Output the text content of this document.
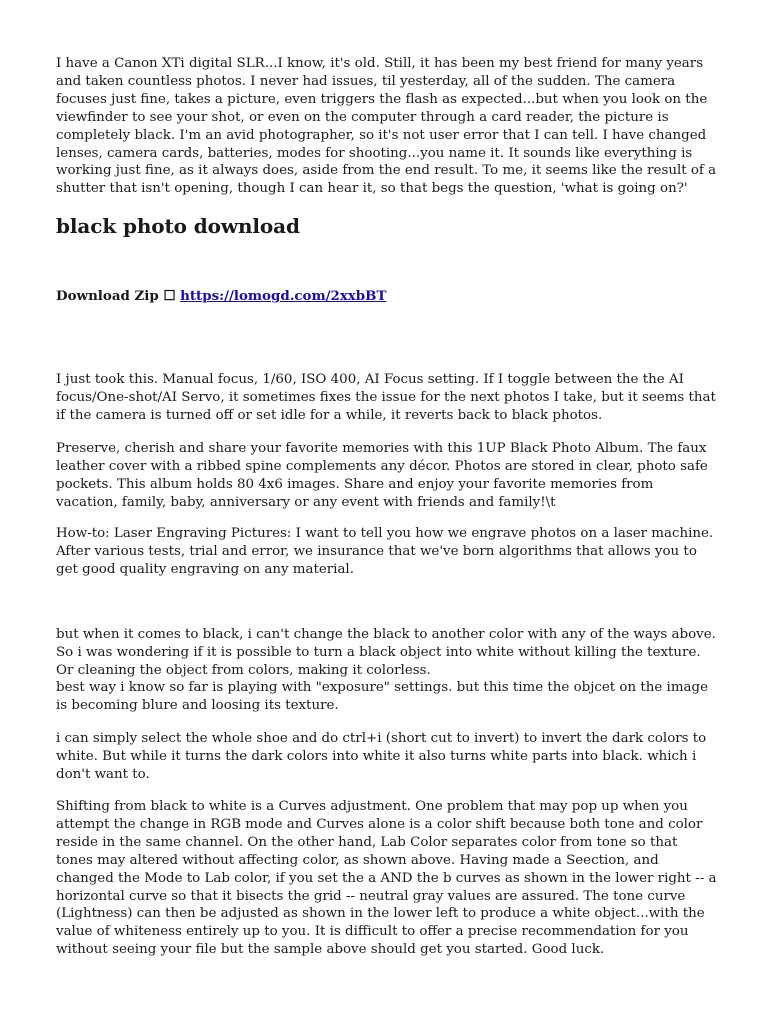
I have a Canon XTi digital SLR...I know, it's old. Still, it has been my best friend for many years and taken countless photos. I never had issues, til yesterday, all of the sudden. The camera focuses just fine, takes a picture, even triggers the flash as expected...but when you look on the viewfinder to see your shot, or even on the computer through a card reader, the picture is completely black. I'm an avid photographer, so it's not user error that I can tell. I have changed lenses, camera cards, batteries, modes for shooting...you name it. It sounds like everything is working just fine, as it always does, aside from the end result. To me, it seems like the result of a shutter that isn't opening, though I can hear it, so that begs the question, 'what is going on?'

black photo download
Download Zip ☐ https://lomogd.com/2xxbBT

I just took this. Manual focus, 1/60, ISO 400, AI Focus setting. If I toggle between the the AI focus/One-shot/AI Servo, it sometimes fixes the issue for the next photos I take, but it seems that if the camera is turned off or set idle for a while, it reverts back to black photos.

Preserve, cherish and share your favorite memories with this 1UP Black Photo Album. The faux leather cover with a ribbed spine complements any décor. Photos are stored in clear, photo safe pockets. This album holds 80 4x6 images. Share and enjoy your favorite memories from vacation, family, baby, anniversary or any event with friends and family!\t

How-to: Laser Engraving Pictures: I want to tell you how we engrave photos on a laser machine. After various tests, trial and error, we insurance that we've born algorithms that allows you to get good quality engraving on any material.

but when it comes to black, i can't change the black to another color with any of the ways above. So i was wondering if it is possible to turn a black object into white without killing the texture. Or cleaning the object from colors, making it colorless.

best way i know so far is playing with "exposure" settings. but this time the objcet on the image is becoming blure and loosing its texture.

i can simply select the whole shoe and do ctrl+i (short cut to invert) to invert the dark colors to white. But while it turns the dark colors into white it also turns white parts into black. which i don't want to.

Shifting from black to white is a Curves adjustment. One problem that may pop up when you attempt the change in RGB mode and Curves alone is a color shift because both tone and color reside in the same channel. On the other hand, Lab Color separates color from tone so that tones may altered without affecting color, as shown above. Having made a Seection, and changed the Mode to Lab color, if you set the a AND the b curves as shown in the lower right -- a horizontal curve so that it bisects the grid -- neutral gray values are assured. The tone curve (Lightness) can then be adjusted as shown in the lower left to produce a white object...with the value of whiteness entirely up to you. It is difficult to offer a precise recommendation for you without seeing your file but the sample above should get you started. Good luck.
